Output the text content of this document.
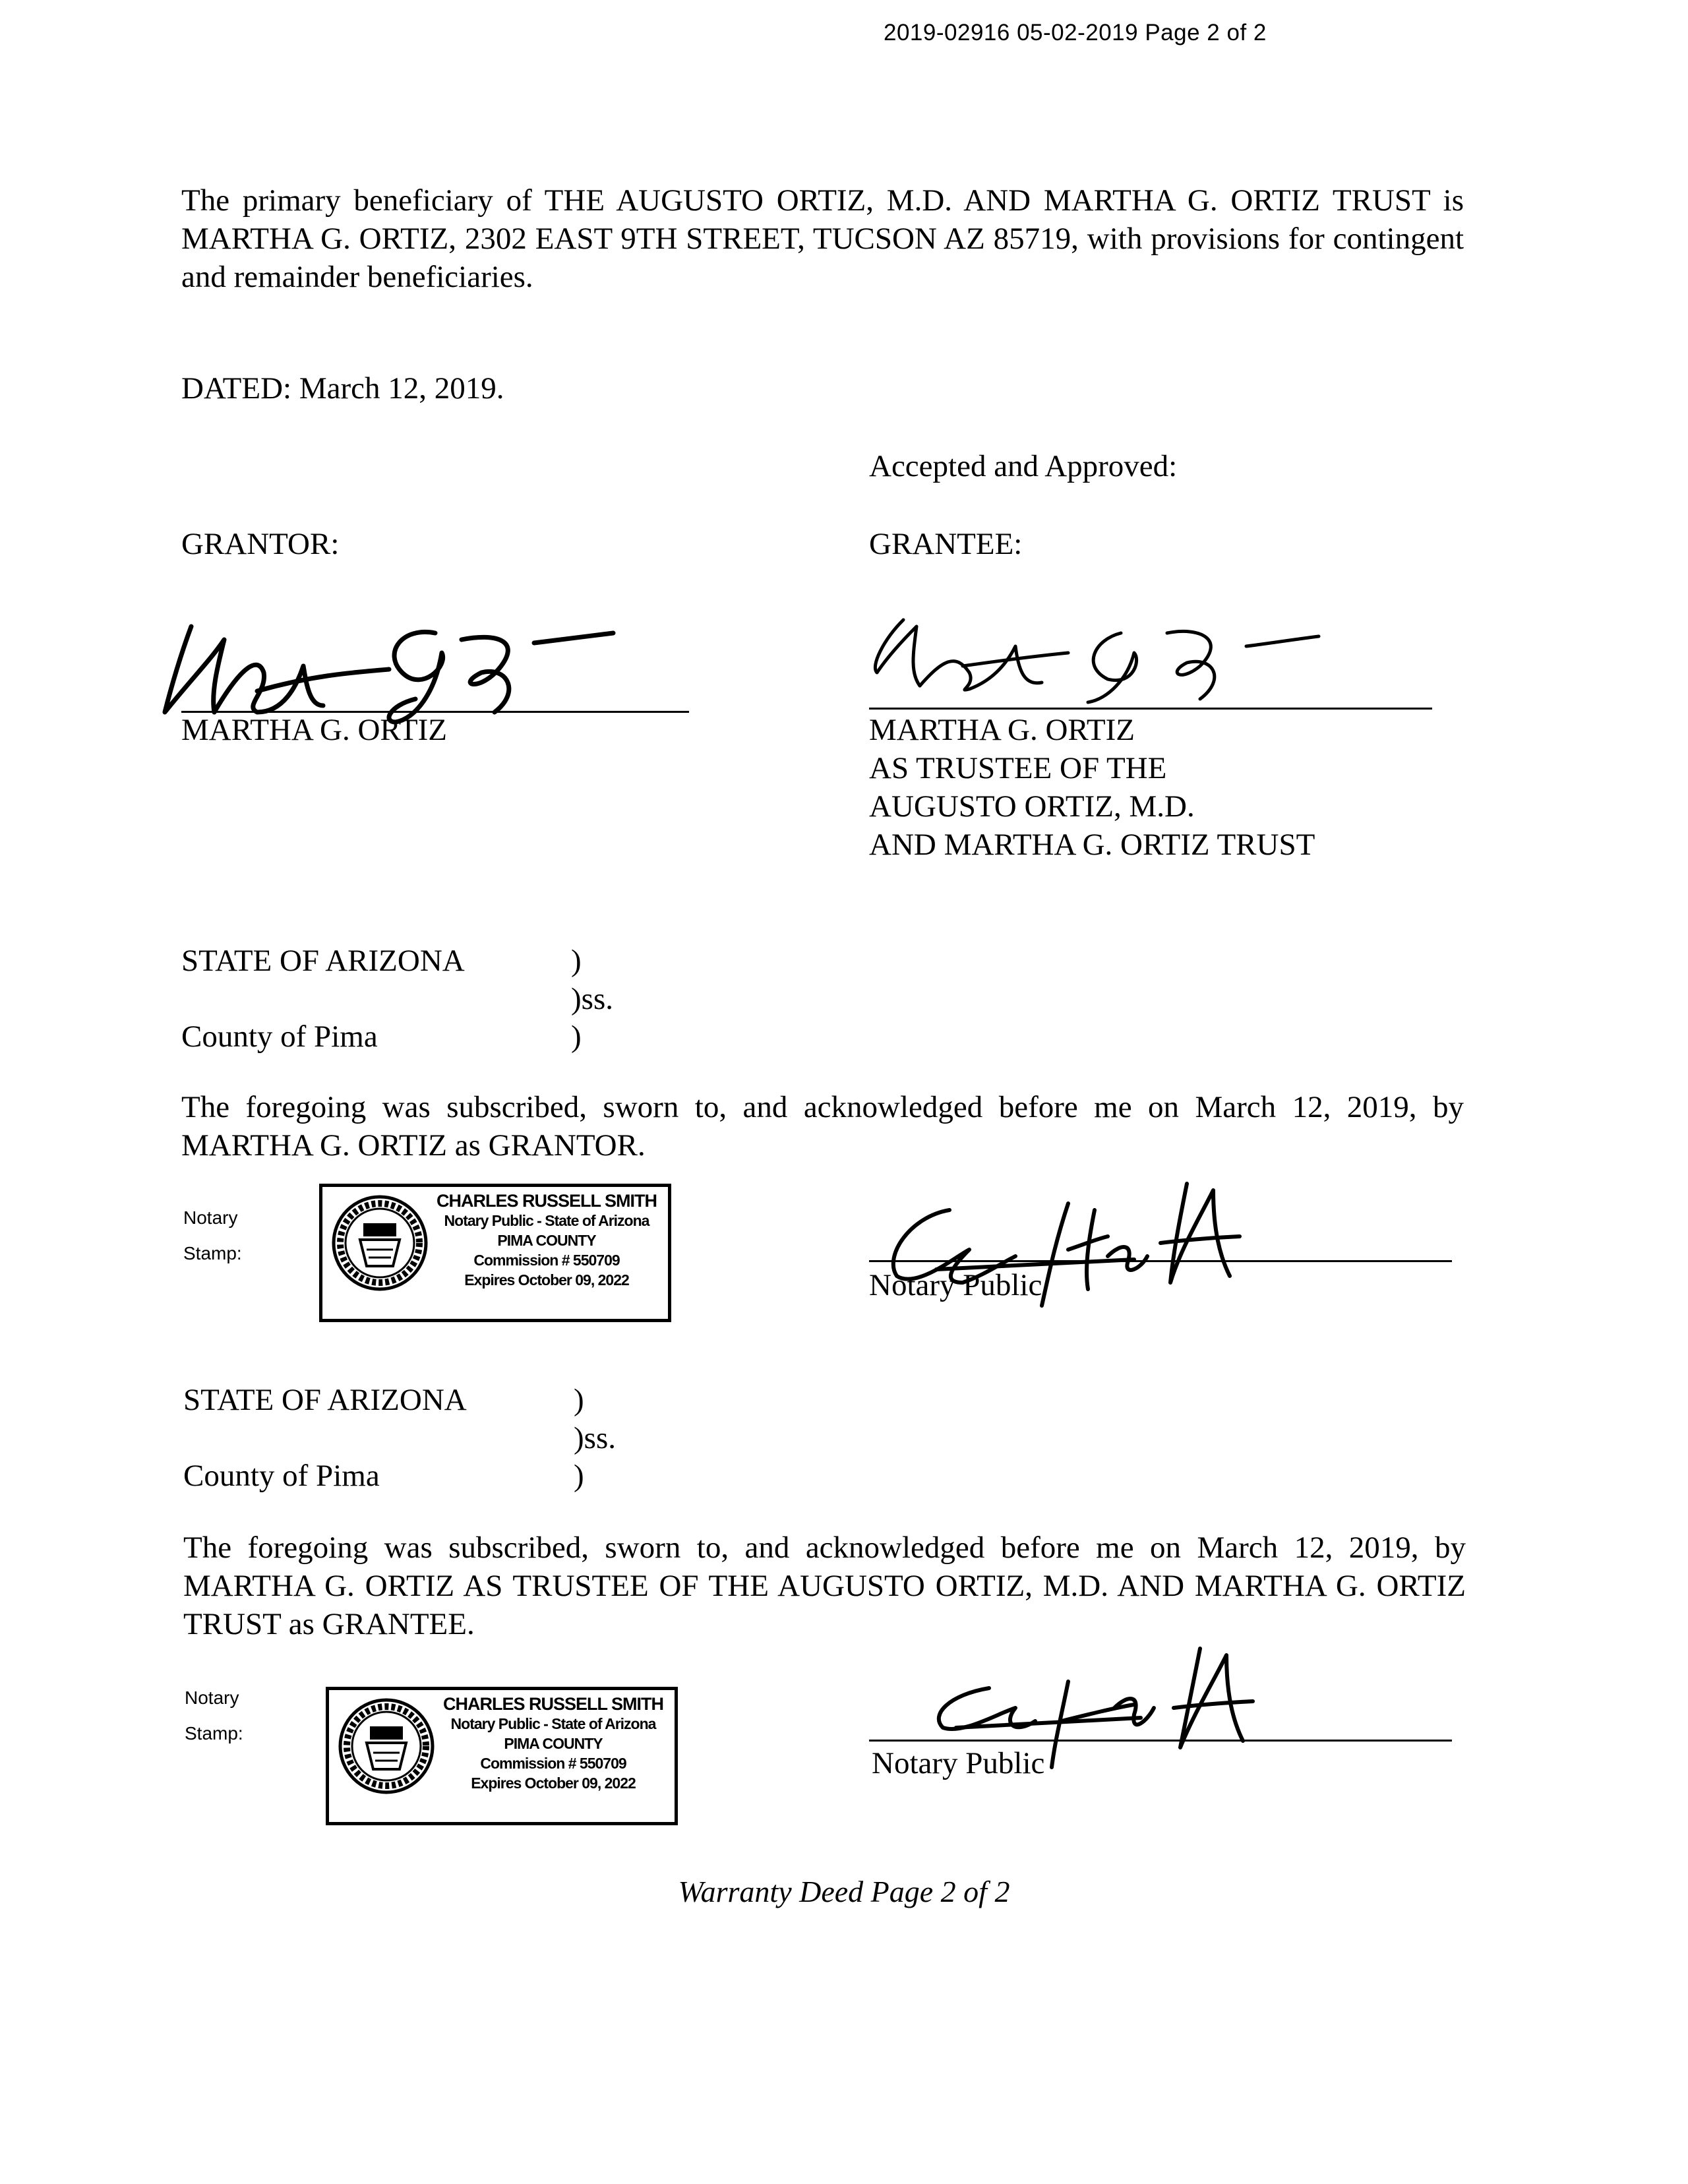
2019-02916 05-02-2019 Page 2 of 2
The primary beneficiary of THE AUGUSTO ORTIZ, M.D. AND MARTHA G. ORTIZ TRUST is MARTHA G. ORTIZ, 2302 EAST 9TH STREET, TUCSON AZ 85719, with provisions for contingent and remainder beneficiaries.
DATED: March 12, 2019.
Accepted and Approved:
GRANTOR:	GRANTEE:
MARTHA G. ORTIZ	MARTHA G. ORTIZ
AS TRUSTEE OF THE
AUGUSTO ORTIZ, M.D.
AND MARTHA G. ORTIZ TRUST
STATE OF ARIZONA	)
)ss.
County of Pima	)
The foregoing was subscribed, sworn to, and acknowledged before me on March 12, 2019, by MARTHA G. ORTIZ as GRANTOR.
Notary
Stamp:
CHARLES RUSSELL SMITH
Notary Public - State of Arizona
PIMA COUNTY
Commission # 550709
Expires October 09, 2022	Notary Public
STATE OF ARIZONA	)
)ss.
County of Pima	)
The foregoing was subscribed, sworn to, and acknowledged before me on March 12, 2019, by MARTHA G. ORTIZ AS TRUSTEE OF THE AUGUSTO ORTIZ, M.D. AND MARTHA G. ORTIZ TRUST as GRANTEE.
Notary
Stamp:
CHARLES RUSSELL SMITH
Notary Public - State of Arizona
PIMA COUNTY
Commission # 550709
Expires October 09, 2022
Notary Public
Warranty Deed Page 2 of 2
